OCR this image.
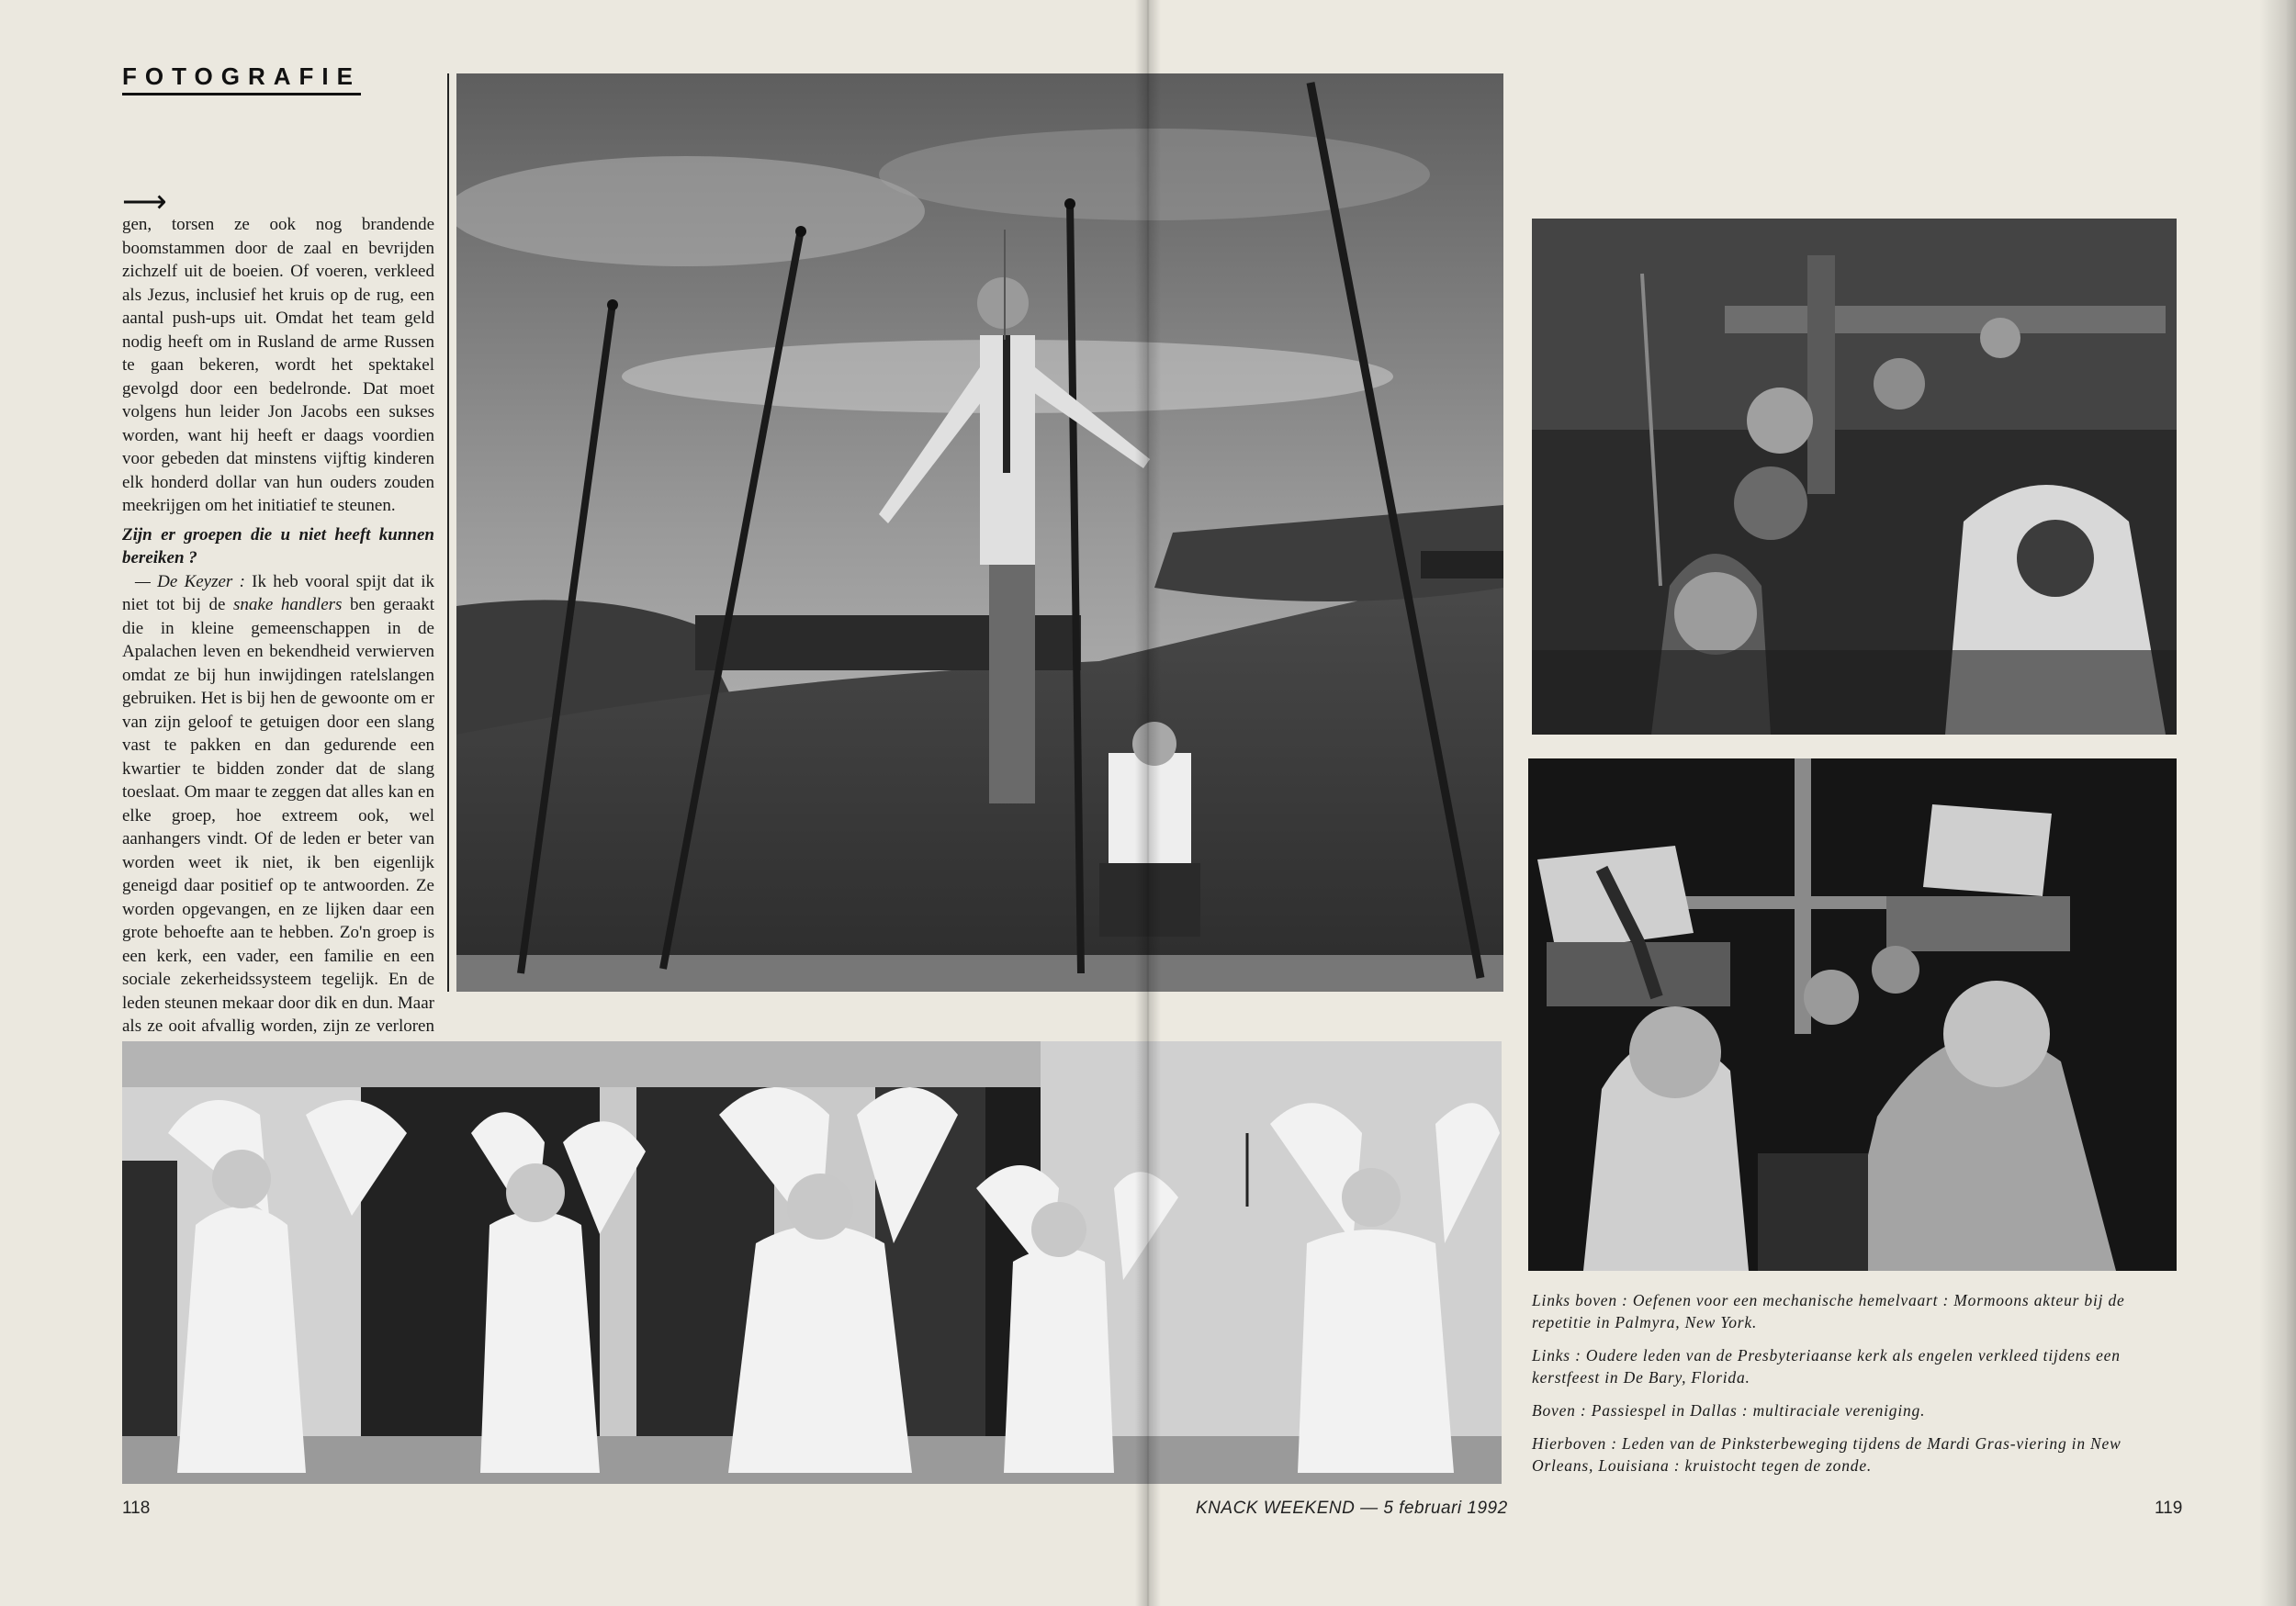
FOTOGRAFIE
⟶

gen, torsen ze ook nog brandende boomstammen door de zaal en bevrijden zichzelf uit de boeien. Of voeren, verkleed als Jezus, inclusief het kruis op de rug, een aantal push-ups uit. Omdat het team geld nodig heeft om in Rusland de arme Russen te gaan bekeren, wordt het spektakel gevolgd door een bedelronde. Dat moet volgens hun leider Jon Jacobs een sukses worden, want hij heeft er daags voordien voor gebeden dat minstens vijftig kinderen elk honderd dollar van hun ouders zouden meekrijgen om het initiatief te steunen.

Zijn er groepen die u niet heeft kunnen bereiken ?

— De Keyzer : Ik heb vooral spijt dat ik niet tot bij de snake handlers ben geraakt die in kleine gemeenschappen in de Apalachen leven en bekendheid verwierven omdat ze bij hun inwijdingen ratelslangen gebruiken. Het is bij hen de gewoonte om er van zijn geloof te getuigen door een slang vast te pakken en dan gedurende een kwartier te bidden zonder dat de slang toeslaat. Om maar te zeggen dat alles kan en elke groep, hoe extreem ook, wel aanhangers vindt. Of de leden er beter van worden weet ik niet, ik ben eigenlijk geneigd daar positief op te antwoorden. Ze worden opgevangen, en ze lijken daar een grote behoefte aan te hebben. Zo'n groep is een kerk, een vader, een familie en een sociale zekerheidssysteem tegelijk. En de leden steunen mekaar door dik en dun. Maar als ze ooit afvallig worden, zijn ze verloren

Links boven : Oefenen voor een mechanische hemelvaart : Mormoons akteur bij de repetitie in Palmyra, New York.

Links : Oudere leden van de Presbyteriaanse kerk als engelen verkleed tijdens een kerstfeest in De Bary, Florida.

Boven : Passiespel in Dallas : multiraciale vereniging.

Hierboven : Leden van de Pinksterbeweging tijdens de Mardi Gras-viering in New Orleans, Louisiana : kruistocht tegen de zonde.

118	KNACK WEEKEND — 5 februari 1992	119
